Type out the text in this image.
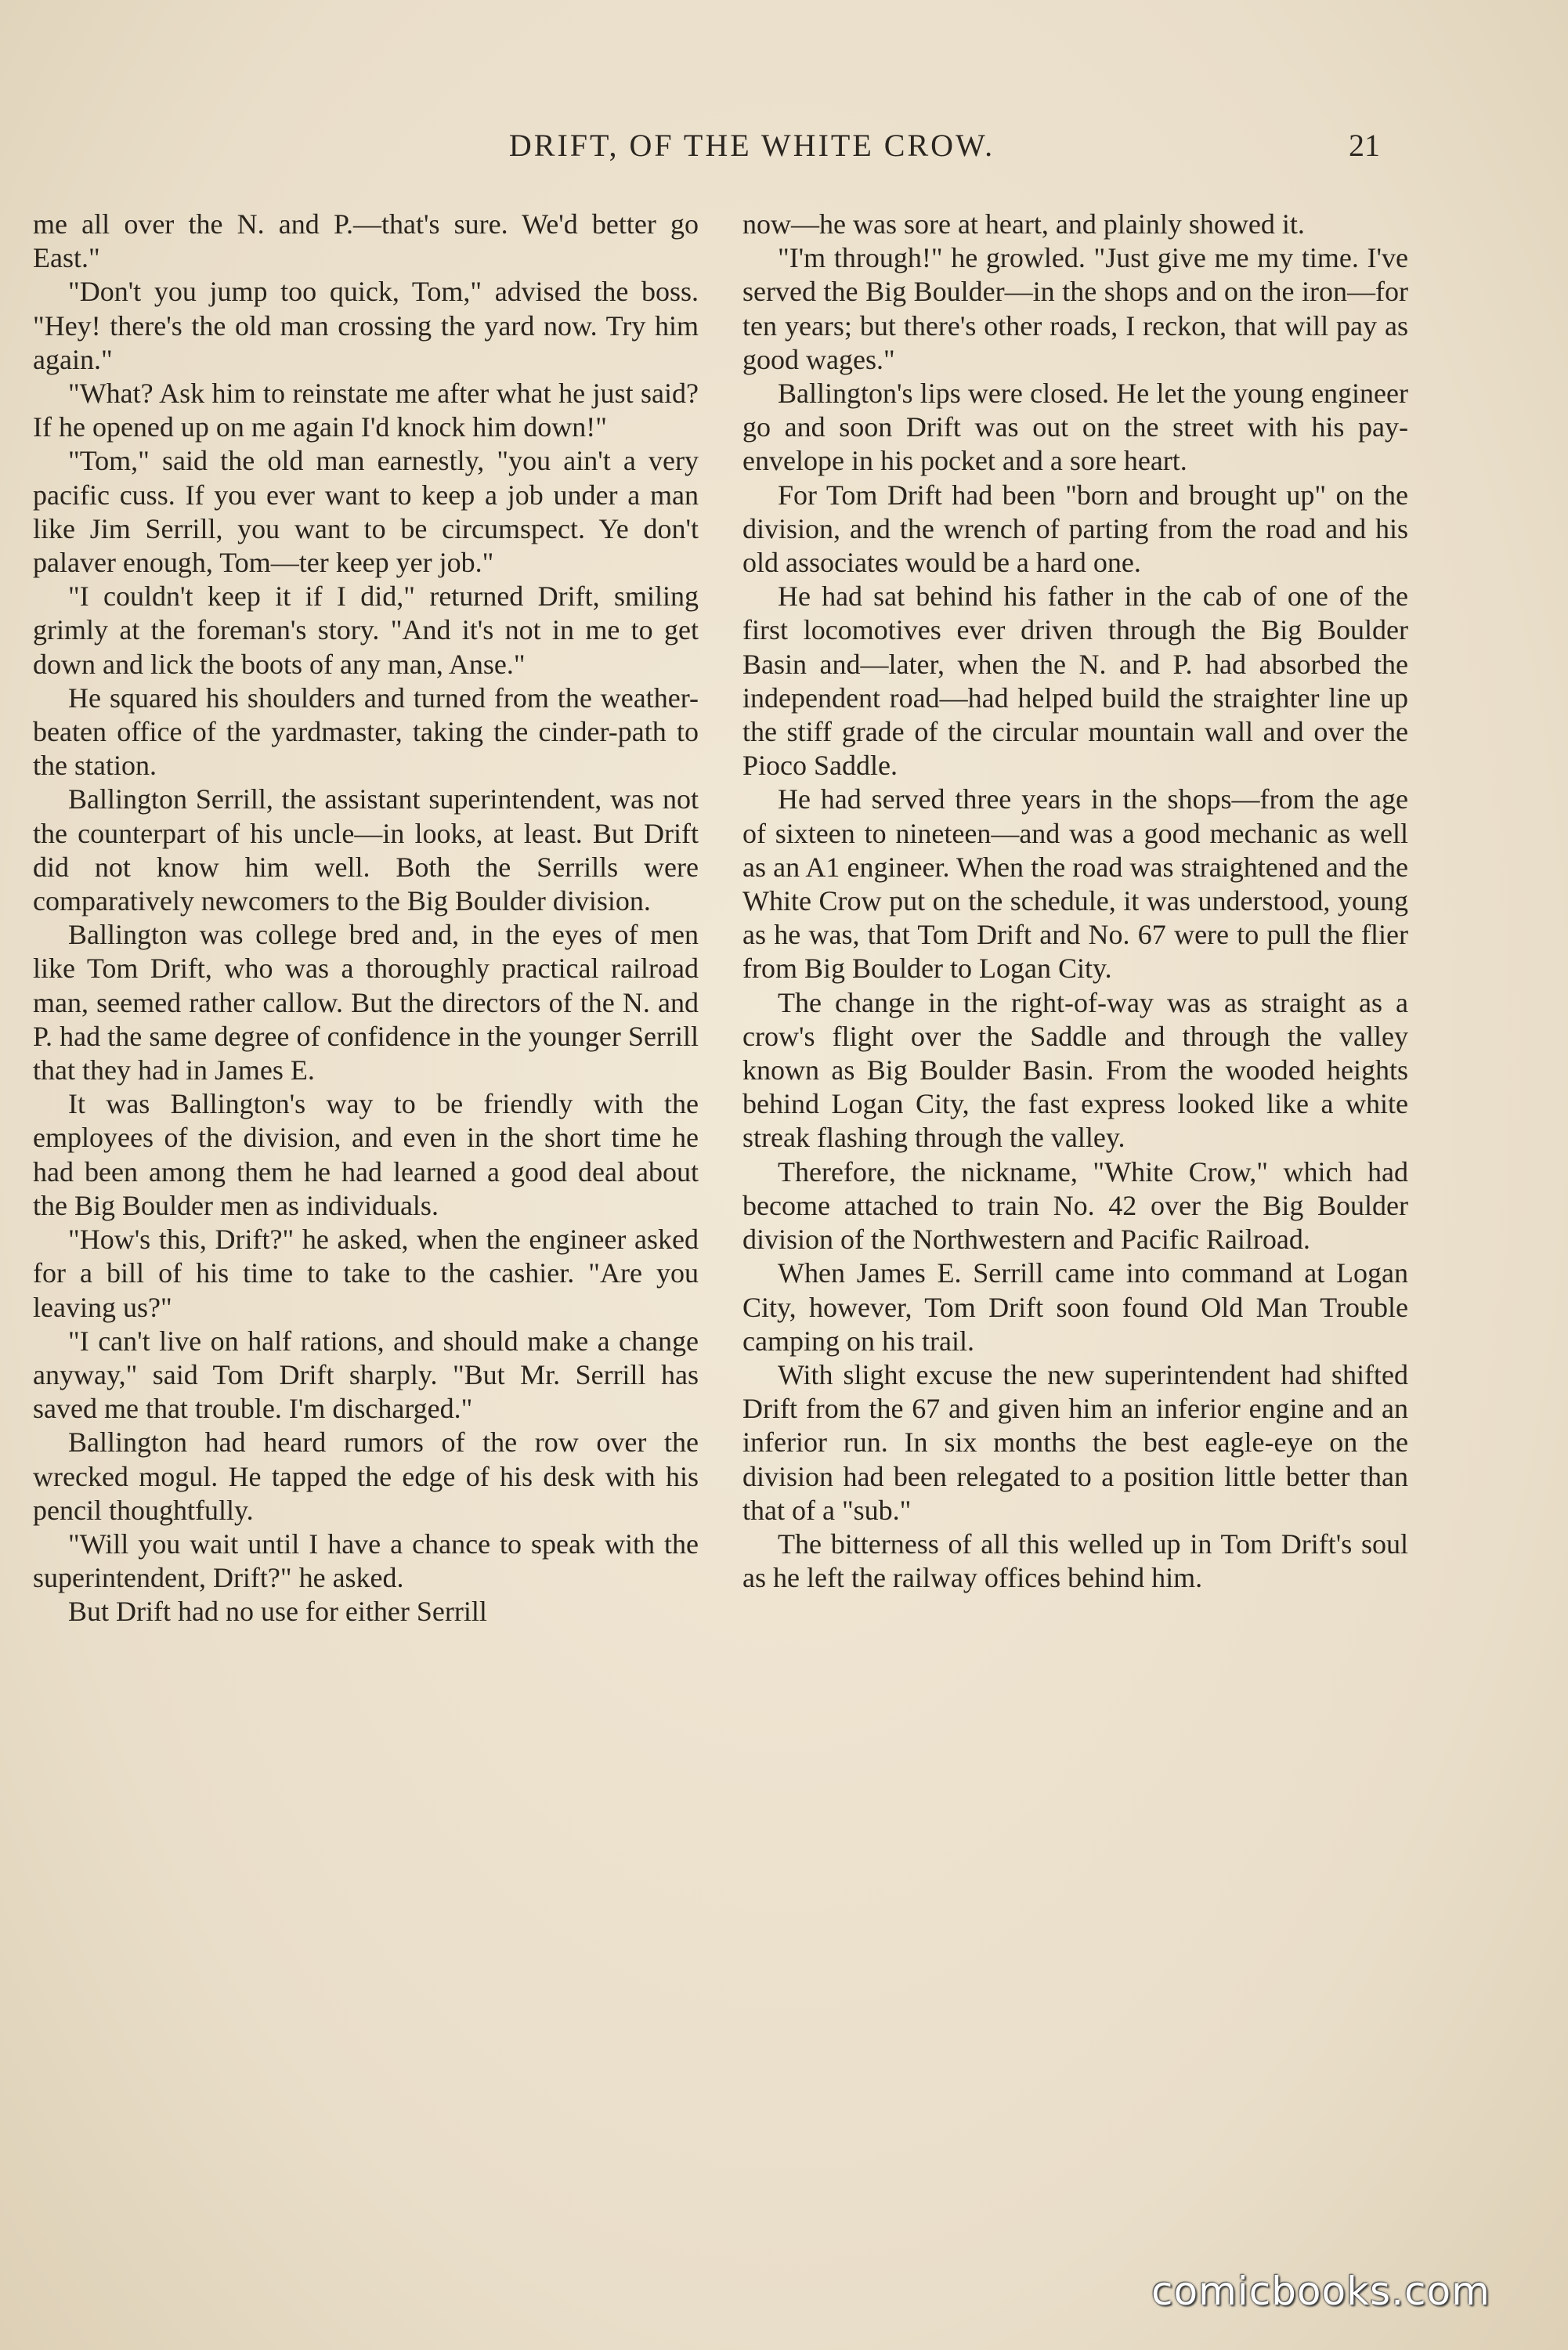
DRIFT, OF THE WHITE CROW.	21

me all over the N. and P.—that's sure. We'd better go East."

"Don't you jump too quick, Tom," advised the boss. "Hey! there's the old man crossing the yard now. Try him again."

"What? Ask him to reinstate me after what he just said? If he opened up on me again I'd knock him down!"

"Tom," said the old man earnestly, "you ain't a very pacific cuss. If you ever want to keep a job under a man like Jim Serrill, you want to be circumspect. Ye don't palaver enough, Tom—ter keep yer job."

"I couldn't keep it if I did," returned Drift, smiling grimly at the foreman's story. "And it's not in me to get down and lick the boots of any man, Anse."

He squared his shoulders and turned from the weather-beaten office of the yardmaster, taking the cinder-path to the station.

Ballington Serrill, the assistant superintendent, was not the counterpart of his uncle—in looks, at least. But Drift did not know him well. Both the Serrills were comparatively newcomers to the Big Boulder division.

Ballington was college bred and, in the eyes of men like Tom Drift, who was a thoroughly practical railroad man, seemed rather callow. But the directors of the N. and P. had the same degree of confidence in the younger Serrill that they had in James E.

It was Ballington's way to be friendly with the employees of the division, and even in the short time he had been among them he had learned a good deal about the Big Boulder men as individuals.

"How's this, Drift?" he asked, when the engineer asked for a bill of his time to take to the cashier. "Are you leaving us?"

"I can't live on half rations, and should make a change anyway," said Tom Drift sharply. "But Mr. Serrill has saved me that trouble. I'm discharged."

Ballington had heard rumors of the row over the wrecked mogul. He tapped the edge of his desk with his pencil thoughtfully.

"Will you wait until I have a chance to speak with the superintendent, Drift?" he asked.

But Drift had no use for either Serrill

now—he was sore at heart, and plainly showed it.

"I'm through!" he growled. "Just give me my time. I've served the Big Boulder—in the shops and on the iron—for ten years; but there's other roads, I reckon, that will pay as good wages."

Ballington's lips were closed. He let the young engineer go and soon Drift was out on the street with his pay-envelope in his pocket and a sore heart.

For Tom Drift had been "born and brought up" on the division, and the wrench of parting from the road and his old associates would be a hard one.

He had sat behind his father in the cab of one of the first locomotives ever driven through the Big Boulder Basin and—later, when the N. and P. had absorbed the independent road—had helped build the straighter line up the stiff grade of the circular mountain wall and over the Pioco Saddle.

He had served three years in the shops—from the age of sixteen to nineteen—and was a good mechanic as well as an A1 engineer. When the road was straightened and the White Crow put on the schedule, it was understood, young as he was, that Tom Drift and No. 67 were to pull the flier from Big Boulder to Logan City.

The change in the right-of-way was as straight as a crow's flight over the Saddle and through the valley known as Big Boulder Basin. From the wooded heights behind Logan City, the fast express looked like a white streak flashing through the valley.

Therefore, the nickname, "White Crow," which had become attached to train No. 42 over the Big Boulder division of the Northwestern and Pacific Railroad.

When James E. Serrill came into command at Logan City, however, Tom Drift soon found Old Man Trouble camping on his trail.

With slight excuse the new superintendent had shifted Drift from the 67 and given him an inferior engine and an inferior run. In six months the best eagle-eye on the division had been relegated to a position little better than that of a "sub."

The bitterness of all this welled up in Tom Drift's soul as he left the railway offices behind him.

comicbooks.com
